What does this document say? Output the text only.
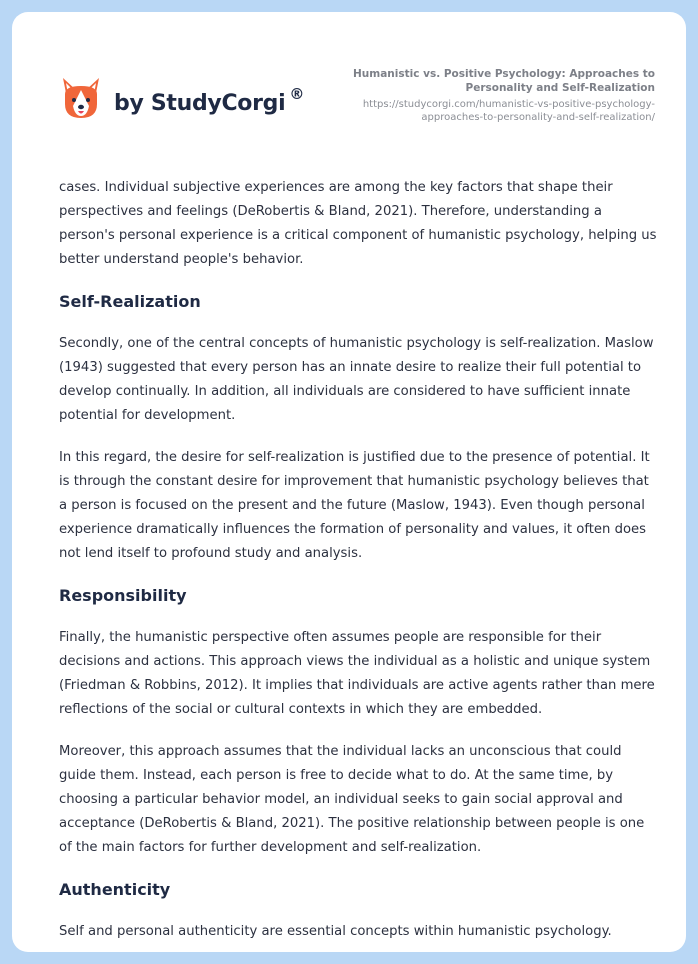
by StudyCorgi ®
Humanistic vs. Positive Psychology: Approaches to
Personality and Self-Realization
https://studycorgi.com/humanistic-vs-positive-psychology-
approaches-to-personality-and-self-realization/

cases. Individual subjective experiences are among the key factors that shape their perspectives and feelings (DeRobertis & Bland, 2021). Therefore, understanding a person's personal experience is a critical component of humanistic psychology, helping us better understand people's behavior.

Self-Realization

Secondly, one of the central concepts of humanistic psychology is self-realization. Maslow (1943) suggested that every person has an innate desire to realize their full potential to develop continually. In addition, all individuals are considered to have sufficient innate potential for development.

In this regard, the desire for self-realization is justified due to the presence of potential. It is through the constant desire for improvement that humanistic psychology believes that a person is focused on the present and the future (Maslow, 1943). Even though personal experience dramatically influences the formation of personality and values, it often does not lend itself to profound study and analysis.

Responsibility

Finally, the humanistic perspective often assumes people are responsible for their decisions and actions. This approach views the individual as a holistic and unique system (Friedman & Robbins, 2012). It implies that individuals are active agents rather than mere reflections of the social or cultural contexts in which they are embedded.

Moreover, this approach assumes that the individual lacks an unconscious that could guide them. Instead, each person is free to decide what to do. At the same time, by choosing a particular behavior model, an individual seeks to gain social approval and acceptance (DeRobertis & Bland, 2021). The positive relationship between people is one of the main factors for further development and self-realization.

Authenticity

Self and personal authenticity are essential concepts within humanistic psychology.
